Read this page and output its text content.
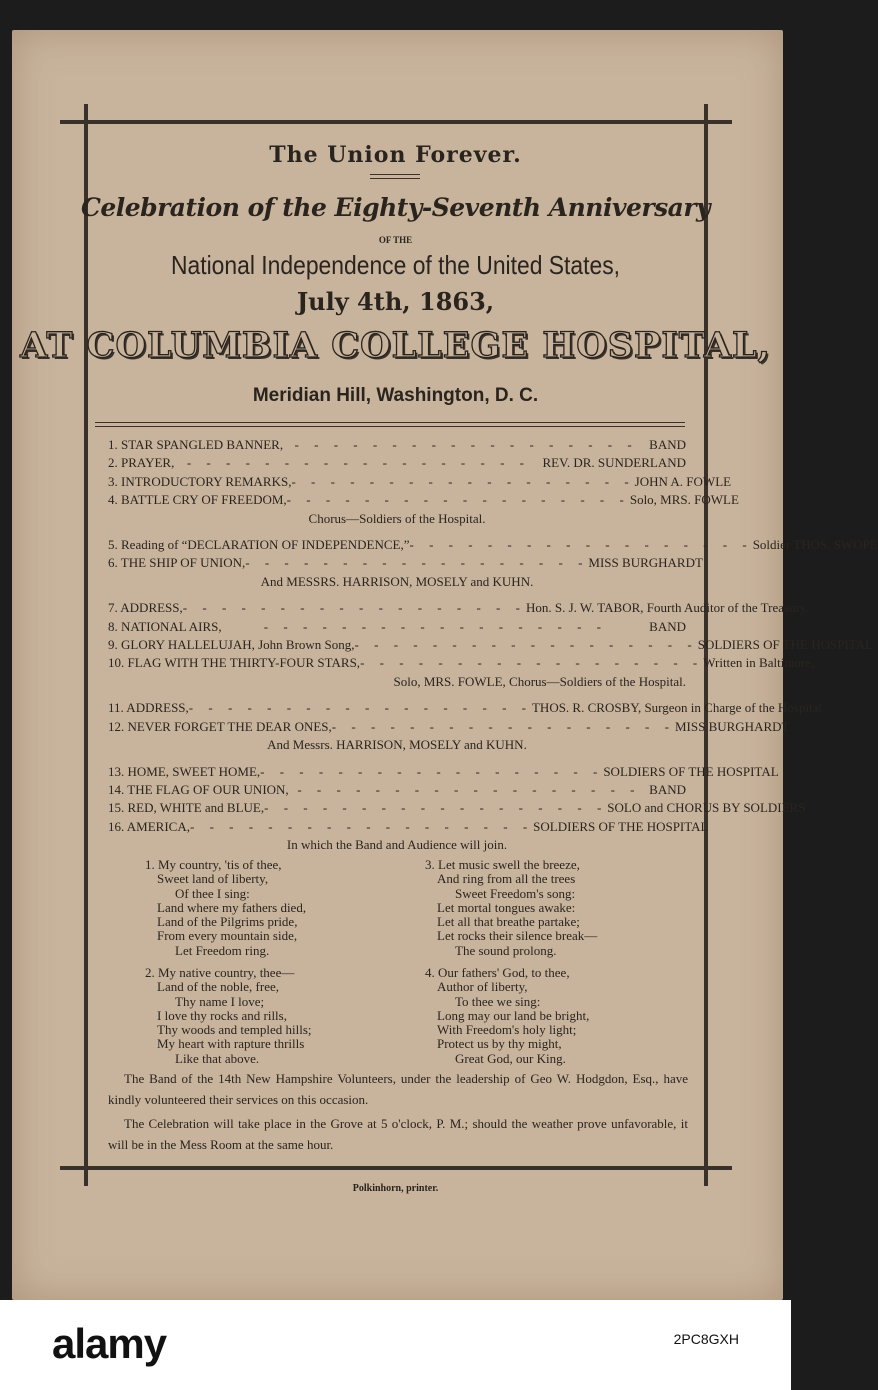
The Union Forever.
Celebration of the Eighty-Seventh Anniversary
OF THE
National Independence of the United States,
July 4th, 1863,
AT COLUMBIA COLLEGE HOSPITAL,
Meridian Hill, Washington, D. C.
1. STAR SPANGLED BANNER, - - - - - - - - - - - - - - - - - - BAND
2. PRAYER, - - - - - - - - - - - - - - - - - - REV. DR. SUNDERLAND
3. INTRODUCTORY REMARKS, - - - - - - - - - - - - - - - - - - JOHN A. FOWLE
4. BATTLE CRY OF FREEDOM, - - - - - - - - - - - - - - - - - - Solo, MRS. FOWLE
Chorus—Soldiers of the Hospital.
5. Reading of “DECLARATION OF INDEPENDENCE,” - - - - - - - - - - - - - - - - - - Soldier THOS. SWOPE
6. THE SHIP OF UNION, - - - - - - - - - - - - - - - - - - MISS BURGHARDT
And MESSRS. HARRISON, MOSELY and KUHN.
7. ADDRESS, - - - - - - - - - - - - - - - - - - Hon. S. J. W. TABOR, Fourth Auditor of the Treasury.
8. NATIONAL AIRS,	- - - - - - - - - - - - - - - - - -	BAND
9. GLORY HALLELUJAH, John Brown Song, - - - - - - - - - - - - - - - - - - SOLDIERS OF THE HOSPITAL
10. FLAG WITH THE THIRTY-FOUR STARS, - - - - - - - - - - - - - - - - - - Written in Baltimore,
Solo, MRS. FOWLE, Chorus—Soldiers of the Hospital.
11. ADDRESS, - - - - - - - - - - - - - - - - - - THOS. R. CROSBY, Surgeon in Charge of the Hospital
12. NEVER FORGET THE DEAR ONES, - - - - - - - - - - - - - - - - - - MISS BURGHARDT
And Messrs. HARRISON, MOSELY and KUHN.
13. HOME, SWEET HOME, - - - - - - - - - - - - - - - - - - SOLDIERS OF THE HOSPITAL
14. THE FLAG OF OUR UNION, - - - - - - - - - - - - - - - - - - BAND
15. RED, WHITE and BLUE, - - - - - - - - - - - - - - - - - - SOLO and CHORUS BY SOLDIERS
16. AMERICA, - - - - - - - - - - - - - - - - - - SOLDIERS OF THE HOSPITAL
In which the Band and Audience will join.
1. My country, 'tis of thee,
Sweet land of liberty,
Of thee I sing:
Land where my fathers died,
Land of the Pilgrims pride,
From every mountain side,
Let Freedom ring.
3. Let music swell the breeze,
And ring from all the trees
Sweet Freedom's song:
Let mortal tongues awake:
Let all that breathe partake;
Let rocks their silence break—
The sound prolong.
2. My native country, thee—
Land of the noble, free,
Thy name I love;
I love thy rocks and rills,
Thy woods and templed hills;
My heart with rapture thrills
Like that above.
4. Our fathers' God, to thee,
Author of liberty,
To thee we sing:
Long may our land be bright,
With Freedom's holy light;
Protect us by thy might,
Great God, our King.
The Band of the 14th New Hampshire Volunteers, under the leadership of Geo W. Hodgdon, Esq., have kindly volunteered their services on this occasion.
The Celebration will take place in the Grove at 5 o'clock, P. M.; should the weather prove unfavorable, it will be in the Mess Room at the same hour.
Polkinhorn, printer.
alamy	2PC8GXH
